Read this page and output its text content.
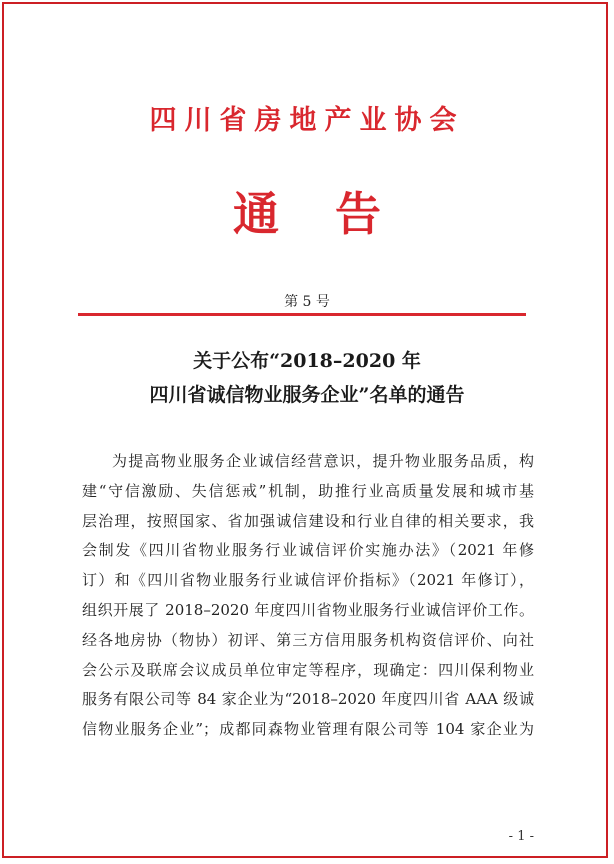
四川省房地产业协会
通告
第 5 号
关于公布“2018–2020 年
四川省诚信物业服务企业”名单的通告
为提高物业服务企业诚信经营意识，提升物业服务品质，构
建“守信激励、失信惩戒”机制，助推行业高质量发展和城市基
层治理，按照国家、省加强诚信建设和行业自律的相关要求，我
会制发《四川省物业服务行业诚信评价实施办法》（2021 年修
订）和《四川省物业服务行业诚信评价指标》（2021 年修订），
组织开展了 2018–2020 年度四川省物业服务行业诚信评价工作。
经各地房协（物协）初评、第三方信用服务机构资信评价、向社
会公示及联席会议成员单位审定等程序，现确定：四川保利物业
服务有限公司等 84 家企业为“2018–2020 年度四川省 AAA 级诚
信物业服务企业”；成都同森物业管理有限公司等 104 家企业为
- 1 -
